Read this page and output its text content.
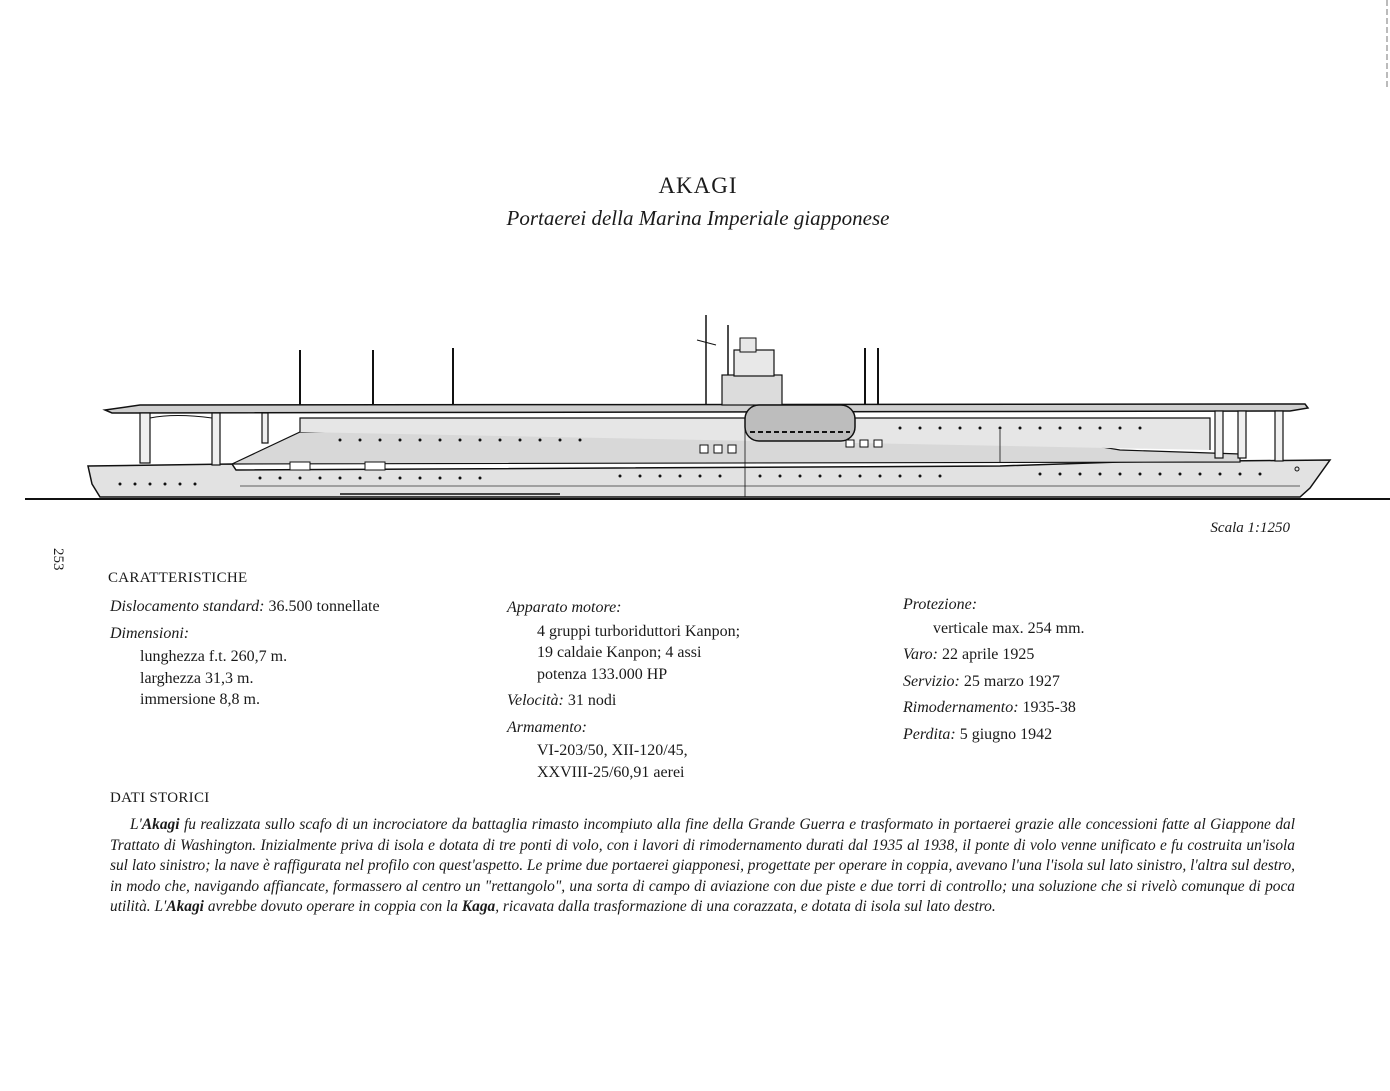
AKAGI
Portaerei della Marina Imperiale giapponese
Scala 1:1250
253
CARATTERISTICHE
Dislocamento standard: 36.500 tonnellate
Dimensioni:
lunghezza f.t. 260,7 m.
larghezza 31,3 m.
immersione 8,8 m.
Apparato motore:
4 gruppi turboriduttori Kanpon;
19 caldaie Kanpon; 4 assi
potenza 133.000 HP
Velocità: 31 nodi
Armamento:
VI-203/50, XII-120/45,
XXVIII-25/60,91 aerei
Protezione:
verticale max. 254 mm.
Varo: 22 aprile 1925
Servizio: 25 marzo 1927
Rimodernamento: 1935-38
Perdita: 5 giugno 1942
DATI STORICI
L'Akagi fu realizzata sullo scafo di un incrociatore da battaglia rimasto incompiuto alla fine della Grande Guerra e trasformato in portaerei grazie alle concessioni fatte al Giappone dal Trattato di Washington. Inizialmente priva di isola e dotata di tre ponti di volo, con i lavori di rimodernamento durati dal 1935 al 1938, il ponte di volo venne unificato e fu costruita un'isola sul lato sinistro; la nave è raffigurata nel profilo con quest'aspetto. Le prime due portaerei giapponesi, progettate per operare in coppia, avevano l'una l'isola sul lato sinistro, l'altra sul destro, in modo che, navigando affiancate, formassero al centro un "rettangolo", una sorta di campo di aviazione con due piste e due torri di controllo; una soluzione che si rivelò comunque di poca utilità. L'Akagi avrebbe dovuto operare in coppia con la Kaga, ricavata dalla trasformazione di una corazzata, e dotata di isola sul lato destro.
